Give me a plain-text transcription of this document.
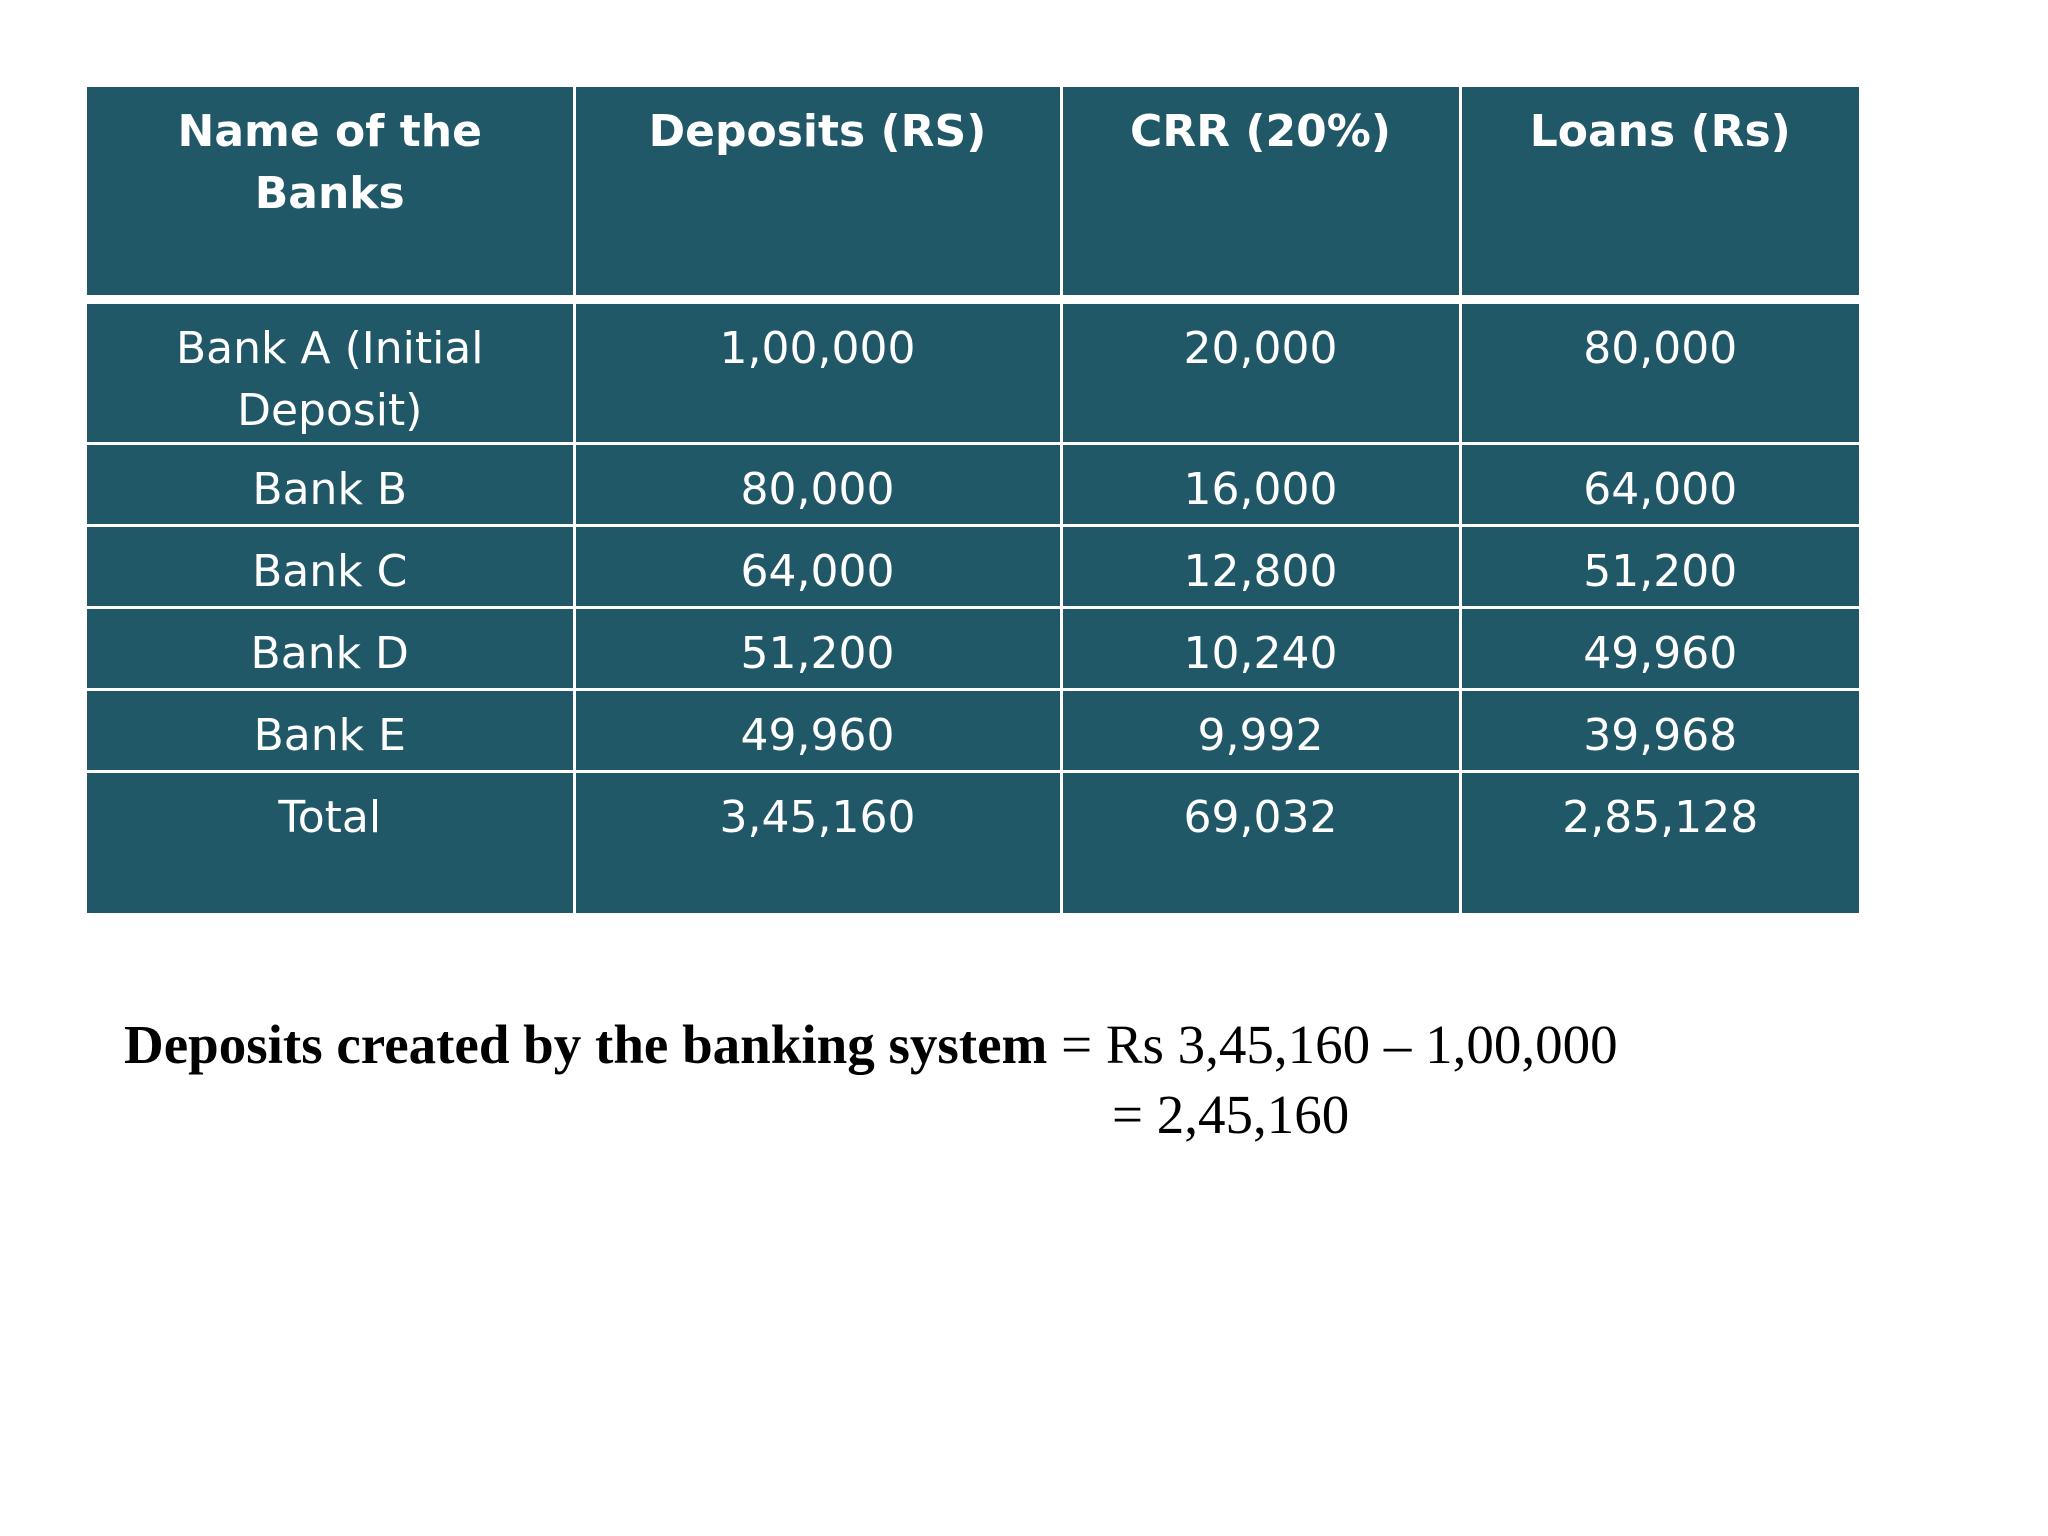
Name of the Banks	Deposits (RS)	CRR (20%)	Loans (Rs)
Bank A (Initial Deposit)	1,00,000	20,000	80,000
Bank B	80,000	16,000	64,000
Bank C	64,000	12,800	51,200
Bank D	51,200	10,240	49,960
Bank E	49,960	9,992	39,968
Total	3,45,160	69,032	2,85,128
Deposits created by the banking system = Rs 3,45,160 – 1,00,000
= 2,45,160
